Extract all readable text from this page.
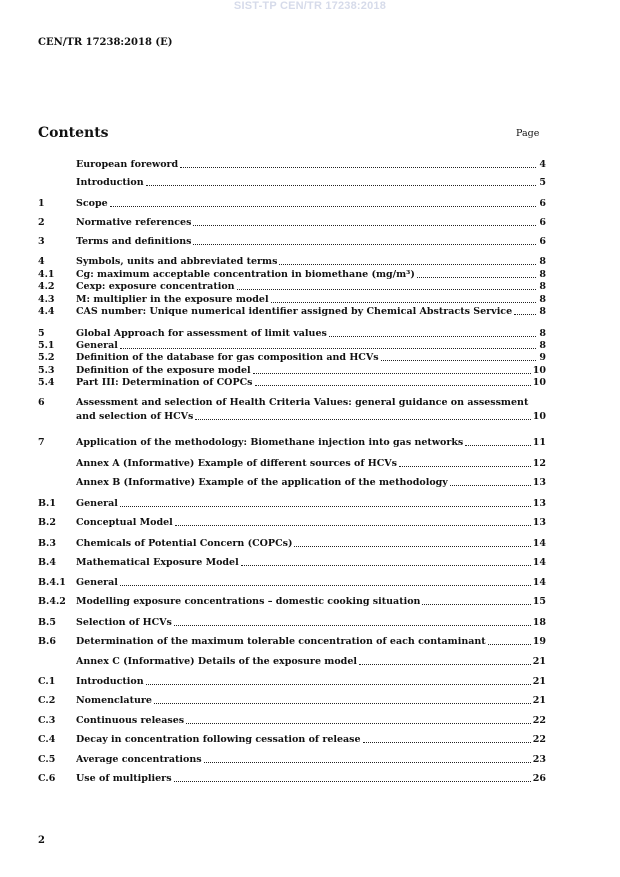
SIST-TP CEN/TR 17238:2018
CEN/TR 17238:2018 (E)
Contents	Page
European foreword	4
Introduction	5
1	Scope	6
2	Normative references	6
3	Terms and definitions	6
4	Symbols, units and abbreviated terms	8
4.1	Cg: maximum acceptable concentration in biomethane (mg/m³)	8
4.2	Cexp: exposure concentration	8
4.3	M: multiplier in the exposure model	8
4.4	CAS number: Unique numerical identifier assigned by Chemical Abstracts Service	8
5	Global Approach for assessment of limit values	8
5.1	General	8
5.2	Definition of the database for gas composition and HCVs	9
5.3	Definition of the exposure model	10
5.4	Part III: Determination of COPCs	10
6	Assessment and selection of Health Criteria Values: general guidance on assessment
and selection of HCVs	10
7	Application of the methodology: Biomethane injection into gas networks	11
Annex A (Informative) Example of different sources of HCVs	12
Annex B (Informative) Example of the application of the methodology	13
B.1	General	13
B.2	Conceptual Model	13
B.3	Chemicals of Potential Concern (COPCs)	14
B.4	Mathematical Exposure Model	14
B.4.1	General	14
B.4.2	Modelling exposure concentrations – domestic cooking situation	15
B.5	Selection of HCVs	18
B.6	Determination of the maximum tolerable concentration of each contaminant	19
Annex C (Informative) Details of the exposure model	21
C.1	Introduction	21
C.2	Nomenclature	21
C.3	Continuous releases	22
C.4	Decay in concentration following cessation of release	22
C.5	Average concentrations	23
C.6	Use of multipliers	26
2
